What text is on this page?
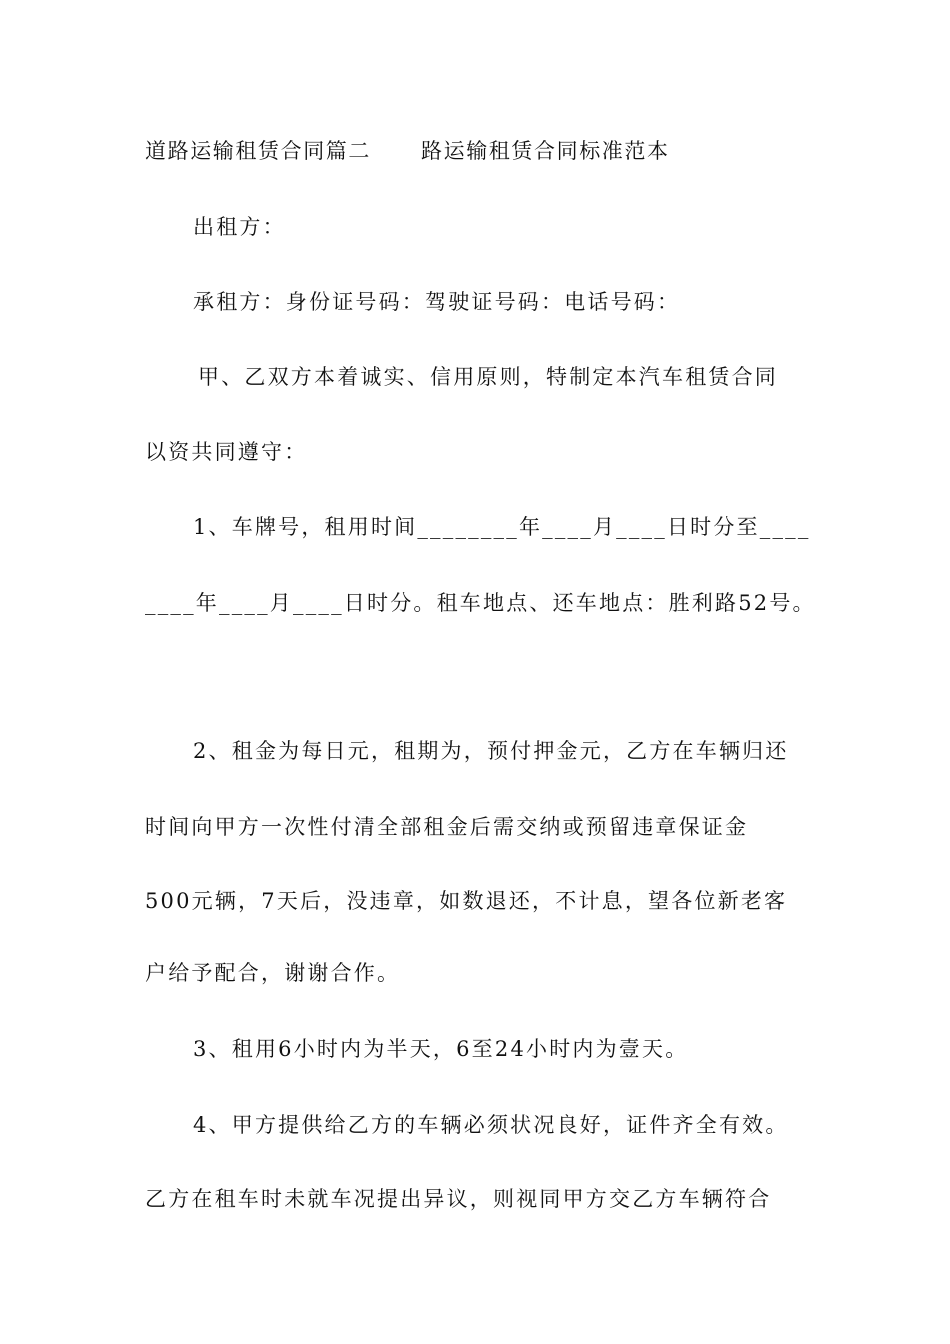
道路运输租赁合同篇二 路运输租赁合同标准范本
出租方：
承租方：身份证号码：驾驶证号码：电话号码：
甲、乙双方本着诚实、信用原则，特制定本汽车租赁合同
以资共同遵守：
1、车牌号，租用时间________年____月____日时分至____
____年____月____日时分。租车地点、还车地点：胜利路52号。
2、租金为每日元，租期为，预付押金元，乙方在车辆归还
时间向甲方一次性付清全部租金后需交纳或预留违章保证金
500元辆，7天后，没违章，如数退还，不计息，望各位新老客
户给予配合，谢谢合作。
3、租用6小时内为半天，6至24小时内为壹天。
4、甲方提供给乙方的车辆必须状况良好，证件齐全有效。
乙方在租车时未就车况提出异议，则视同甲方交乙方车辆符合
